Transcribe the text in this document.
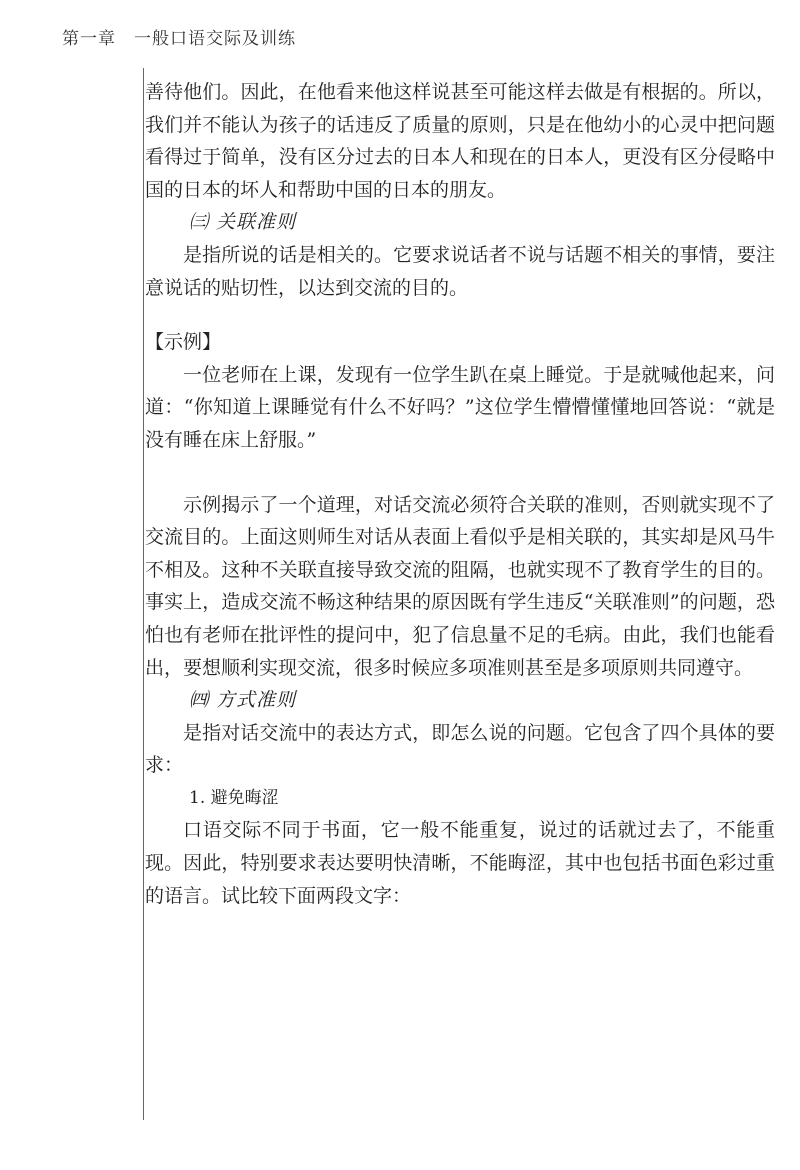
第一章　一般口语交际及训练

善待他们。因此，在他看来他这样说甚至可能这样去做是有根据的。所以，我们并不能认为孩子的话违反了质量的原则，只是在他幼小的心灵中把问题看得过于简单，没有区分过去的日本人和现在的日本人，更没有区分侵略中国的日本的坏人和帮助中国的日本的朋友。

㈢ 关联准则

是指所说的话是相关的。它要求说话者不说与话题不相关的事情，要注意说话的贴切性，以达到交流的目的。

【示例】

一位老师在上课，发现有一位学生趴在桌上睡觉。于是就喊他起来，问道：“你知道上课睡觉有什么不好吗？”这位学生懵懵懂懂地回答说：“就是没有睡在床上舒服。”

示例揭示了一个道理，对话交流必须符合关联的准则，否则就实现不了交流目的。上面这则师生对话从表面上看似乎是相关联的，其实却是风马牛不相及。这种不关联直接导致交流的阻隔，也就实现不了教育学生的目的。事实上，造成交流不畅这种结果的原因既有学生违反“关联准则”的问题，恐怕也有老师在批评性的提问中，犯了信息量不足的毛病。由此，我们也能看出，要想顺利实现交流，很多时候应多项准则甚至是多项原则共同遵守。

㈣ 方式准则

是指对话交流中的表达方式，即怎么说的问题。它包含了四个具体的要求：

1. 避免晦涩

口语交际不同于书面，它一般不能重复，说过的话就过去了，不能重现。因此，特别要求表达要明快清晰，不能晦涩，其中也包括书面色彩过重的语言。试比较下面两段文字：
